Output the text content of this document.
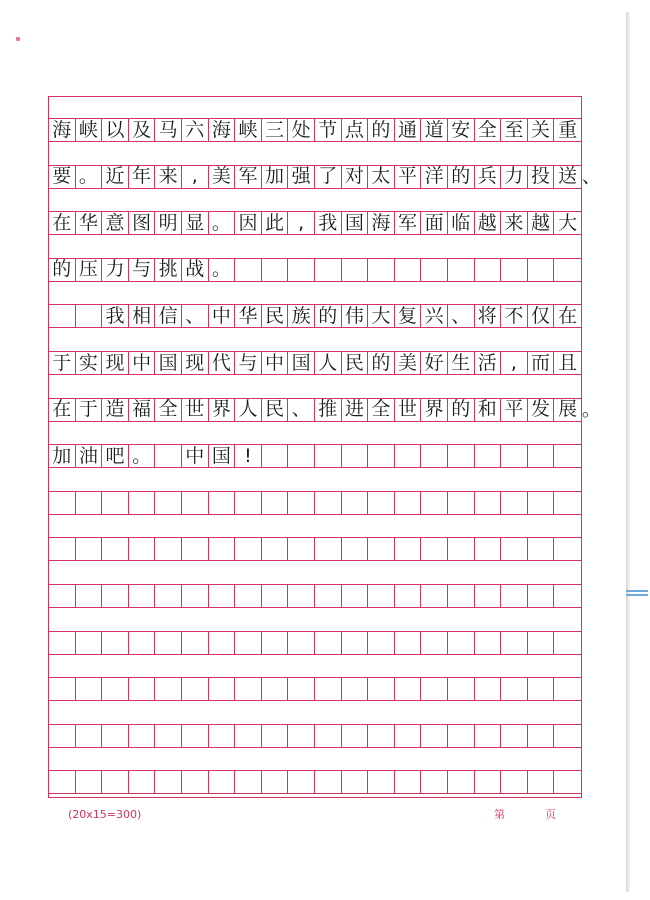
海 峡 以 及 马 六 海 峡 三 处 节 点 的 通 道 安 全 至 关 重
要 。 近 年 来 , 美 军 加 强 了 对 太 平 洋 的 兵 力 投 送 、
在 华 意 图 明 显 。 因 此 , 我 国 海 军 面 临 越 来 越 大
的 压 力 与 挑 战 。
我 相 信 、 中 华 民 族 的 伟 大 复 兴 、 将 不 仅 在
于 实 现 中 国 现 代 与 中 国 人 民 的 美 好 生 活 , 而 且
在 于 造 福 全 世 界 人 民 、 推 进 全 世 界 的 和 平 发 展 。
加 油 吧 。 中 国 !
(20x15=300)	第	页
